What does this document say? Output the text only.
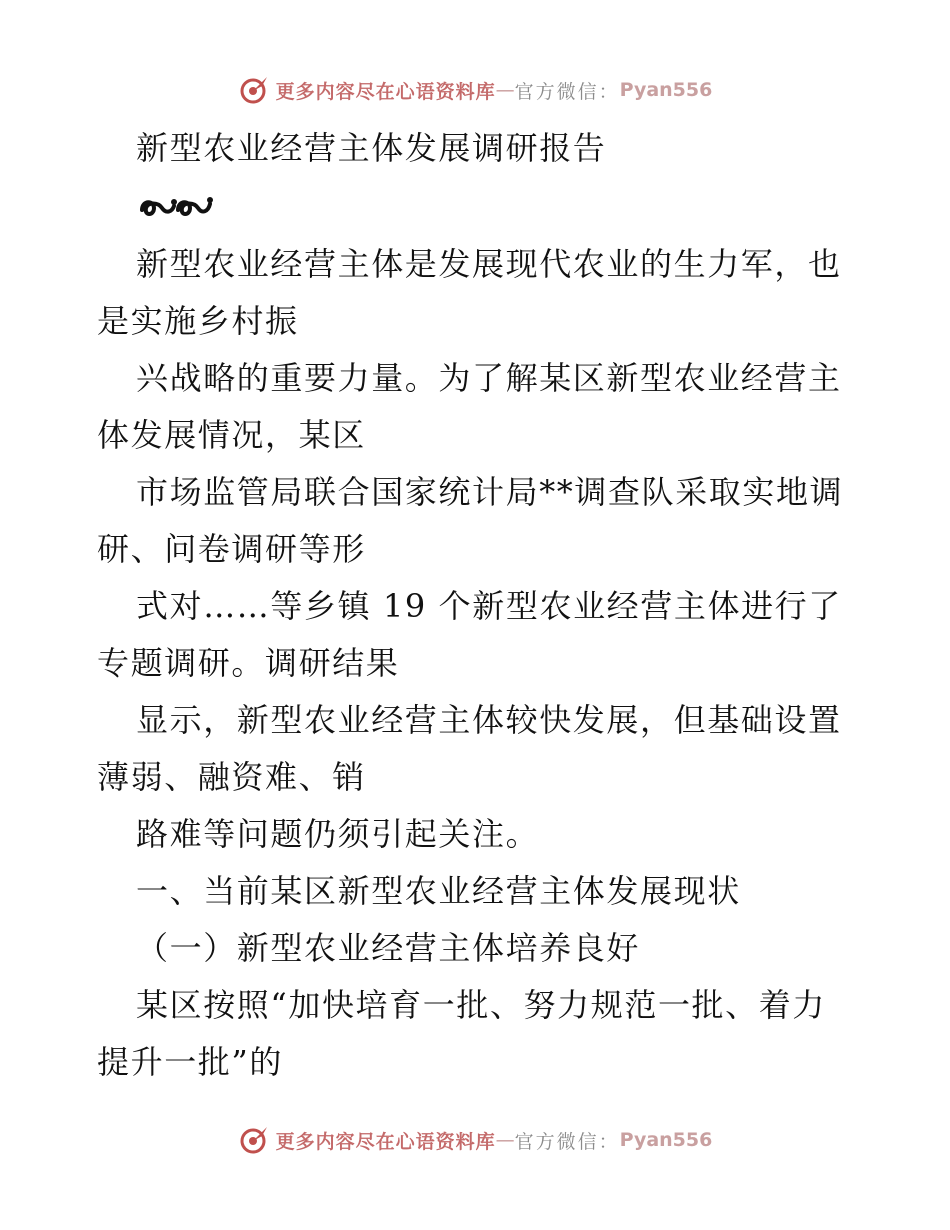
更多内容尽在心语资料库 — 官方微信： Pyan556
新型农业经营主体发展调研报告
新型农业经营主体是发展现代农业的生力军，也
是实施乡村振
兴战略的重要力量。为了解某区新型农业经营主
体发展情况，某区
市场监管局联合国家统计局**调查队采取实地调
研、问卷调研等形
式对……等乡镇 19 个新型农业经营主体进行了
专题调研。调研结果
显示，新型农业经营主体较快发展，但基础设置
薄弱、融资难、销
路难等问题仍须引起关注。
一、当前某区新型农业经营主体发展现状
（一）新型农业经营主体培养良好
某区按照“加快培育一批、努力规范一批、着力
提升一批”的
更多内容尽在心语资料库 — 官方微信： Pyan556
